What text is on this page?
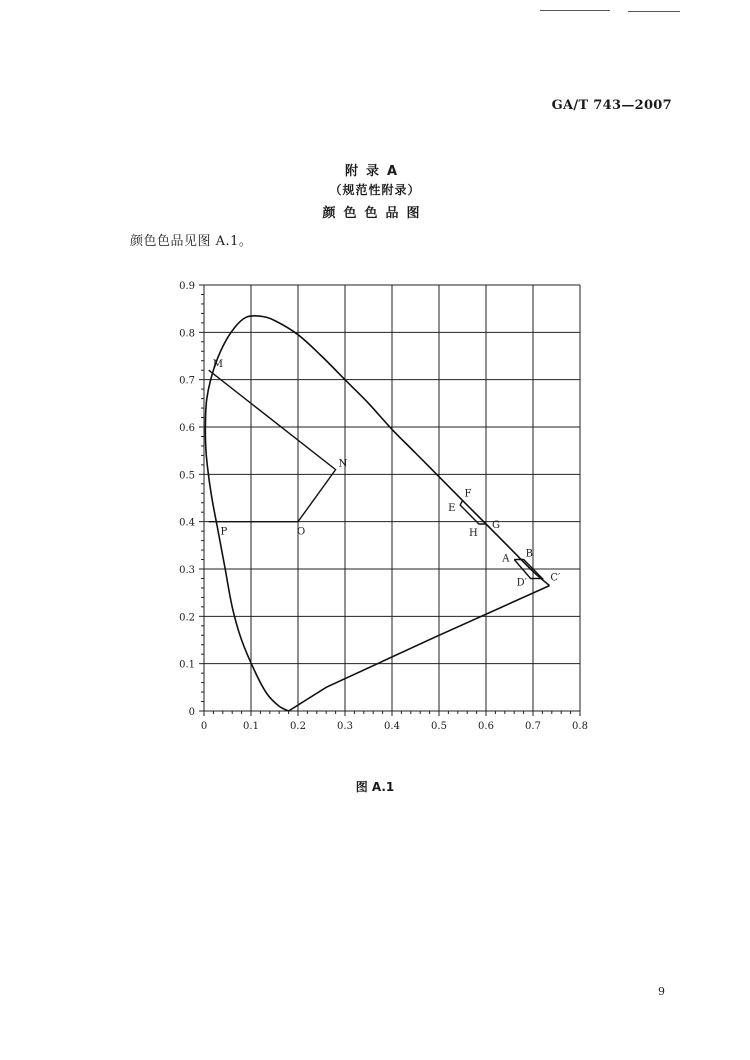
GA/T 743—2007
附录A
（规范性附录）
颜色色品图
颜色色品见图 A.1。
0	0.1	0.2	0.3	0.4	0.5	0.6	0.7	0.8
0
0.1
0.2
0.3
0.4
0.5
0.6
0.7
0.8
0.9
M
N
O
P
F
E
G
H
A B
C′
D′
图 A.1
9
